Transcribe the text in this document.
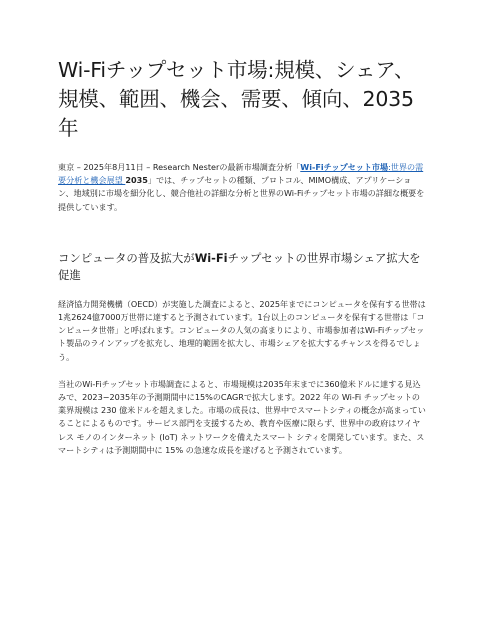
Wi-Fiチップセット市場:規模、シェア、規模、範囲、機会、需要、傾向、2035年

東京 – 2025年8月11日 – Research Nesterの最新市場調査分析「Wi-Fiチップセット市場:世界の需要分析と機会展望 2035」では、チップセットの種類、プロトコル、MIMO構成、アプリケーション、地域別に市場を細分化し、競合他社の詳細な分析と世界のWi-Fiチップセット市場の詳細な概要を提供しています。

コンピュータの普及拡大がWi-Fiチップセットの世界市場シェア拡大を促進

経済協力開発機構（OECD）が実施した調査によると、2025年までにコンピュータを保有する世帯は1兆2624億7000万世帯に達すると予測されています。1台以上のコンピュータを保有する世帯は「コンピュータ世帯」と呼ばれます。コンピュータの人気の高まりにより、市場参加者はWi-Fiチップセット製品のラインアップを拡充し、地理的範囲を拡大し、市場シェアを拡大するチャンスを得るでしょう。

当社のWi-Fiチップセット市場調査によると、市場規模は2035年末までに360億米ドルに達する見込みで、2023−2035年の予測期間中に15%のCAGRで拡大します。2022 年の Wi-Fi チップセットの業界規模は 230 億米ドルを超えました。市場の成長は、世界中でスマートシティの概念が高まっていることによるものです。サービス部門を支援するため、教育や医療に限らず、世界中の政府はワイヤレス モノのインターネット (IoT) ネットワークを備えたスマート シティを開発しています。また、スマートシティは予測期間中に 15% の急速な成長を遂げると予測されています。
